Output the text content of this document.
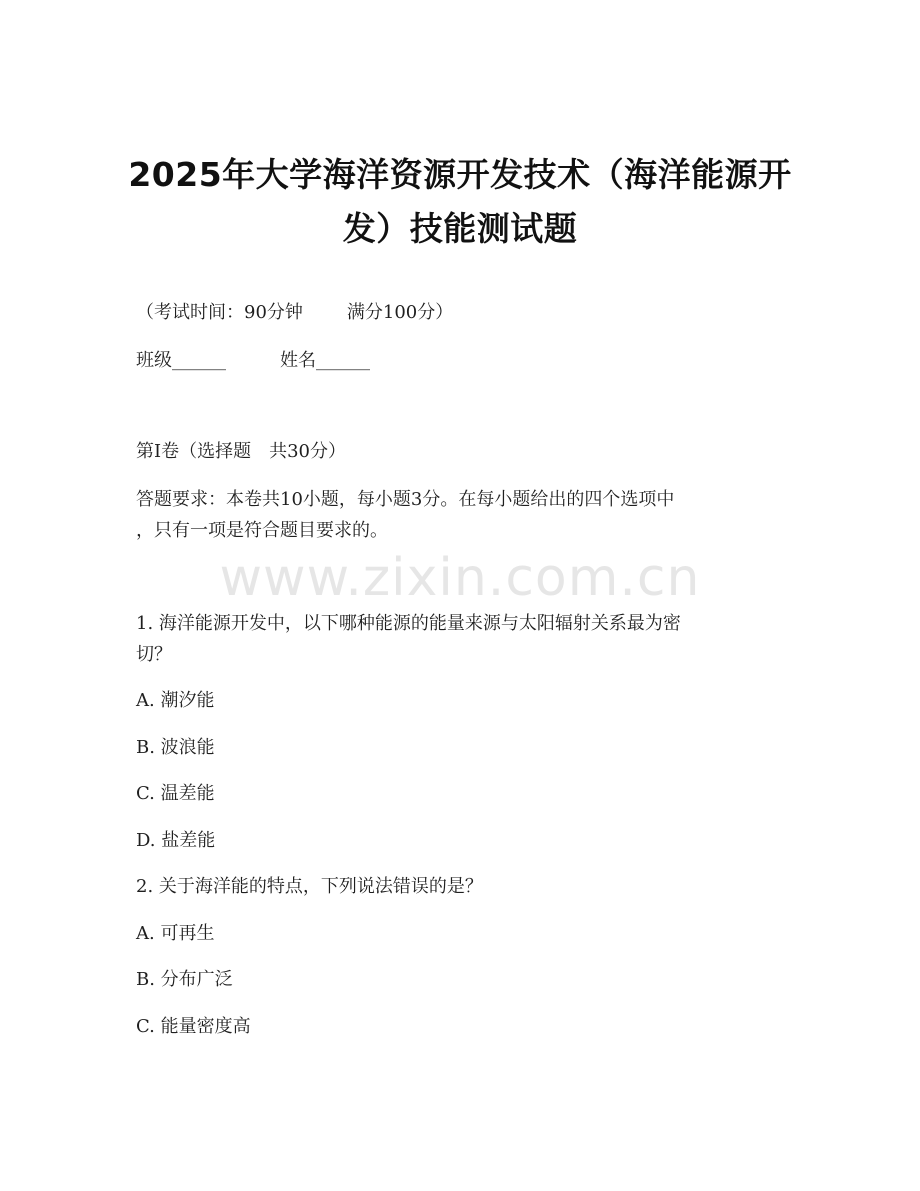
2025年大学海洋资源开发技术（海洋能源开
发）技能测试题
（考试时间：90分钟 满分100分）
班级______	姓名______
第I卷（选择题　共30分）
答题要求：本卷共10小题，每小题3分。在每小题给出的四个选项中
，只有一项是符合题目要求的。
www.zixin.com.cn
1. 海洋能源开发中，以下哪种能源的能量来源与太阳辐射关系最为密
切？
A. 潮汐能
B. 波浪能
C. 温差能
D. 盐差能
2. 关于海洋能的特点，下列说法错误的是？
A. 可再生
B. 分布广泛
C. 能量密度高
